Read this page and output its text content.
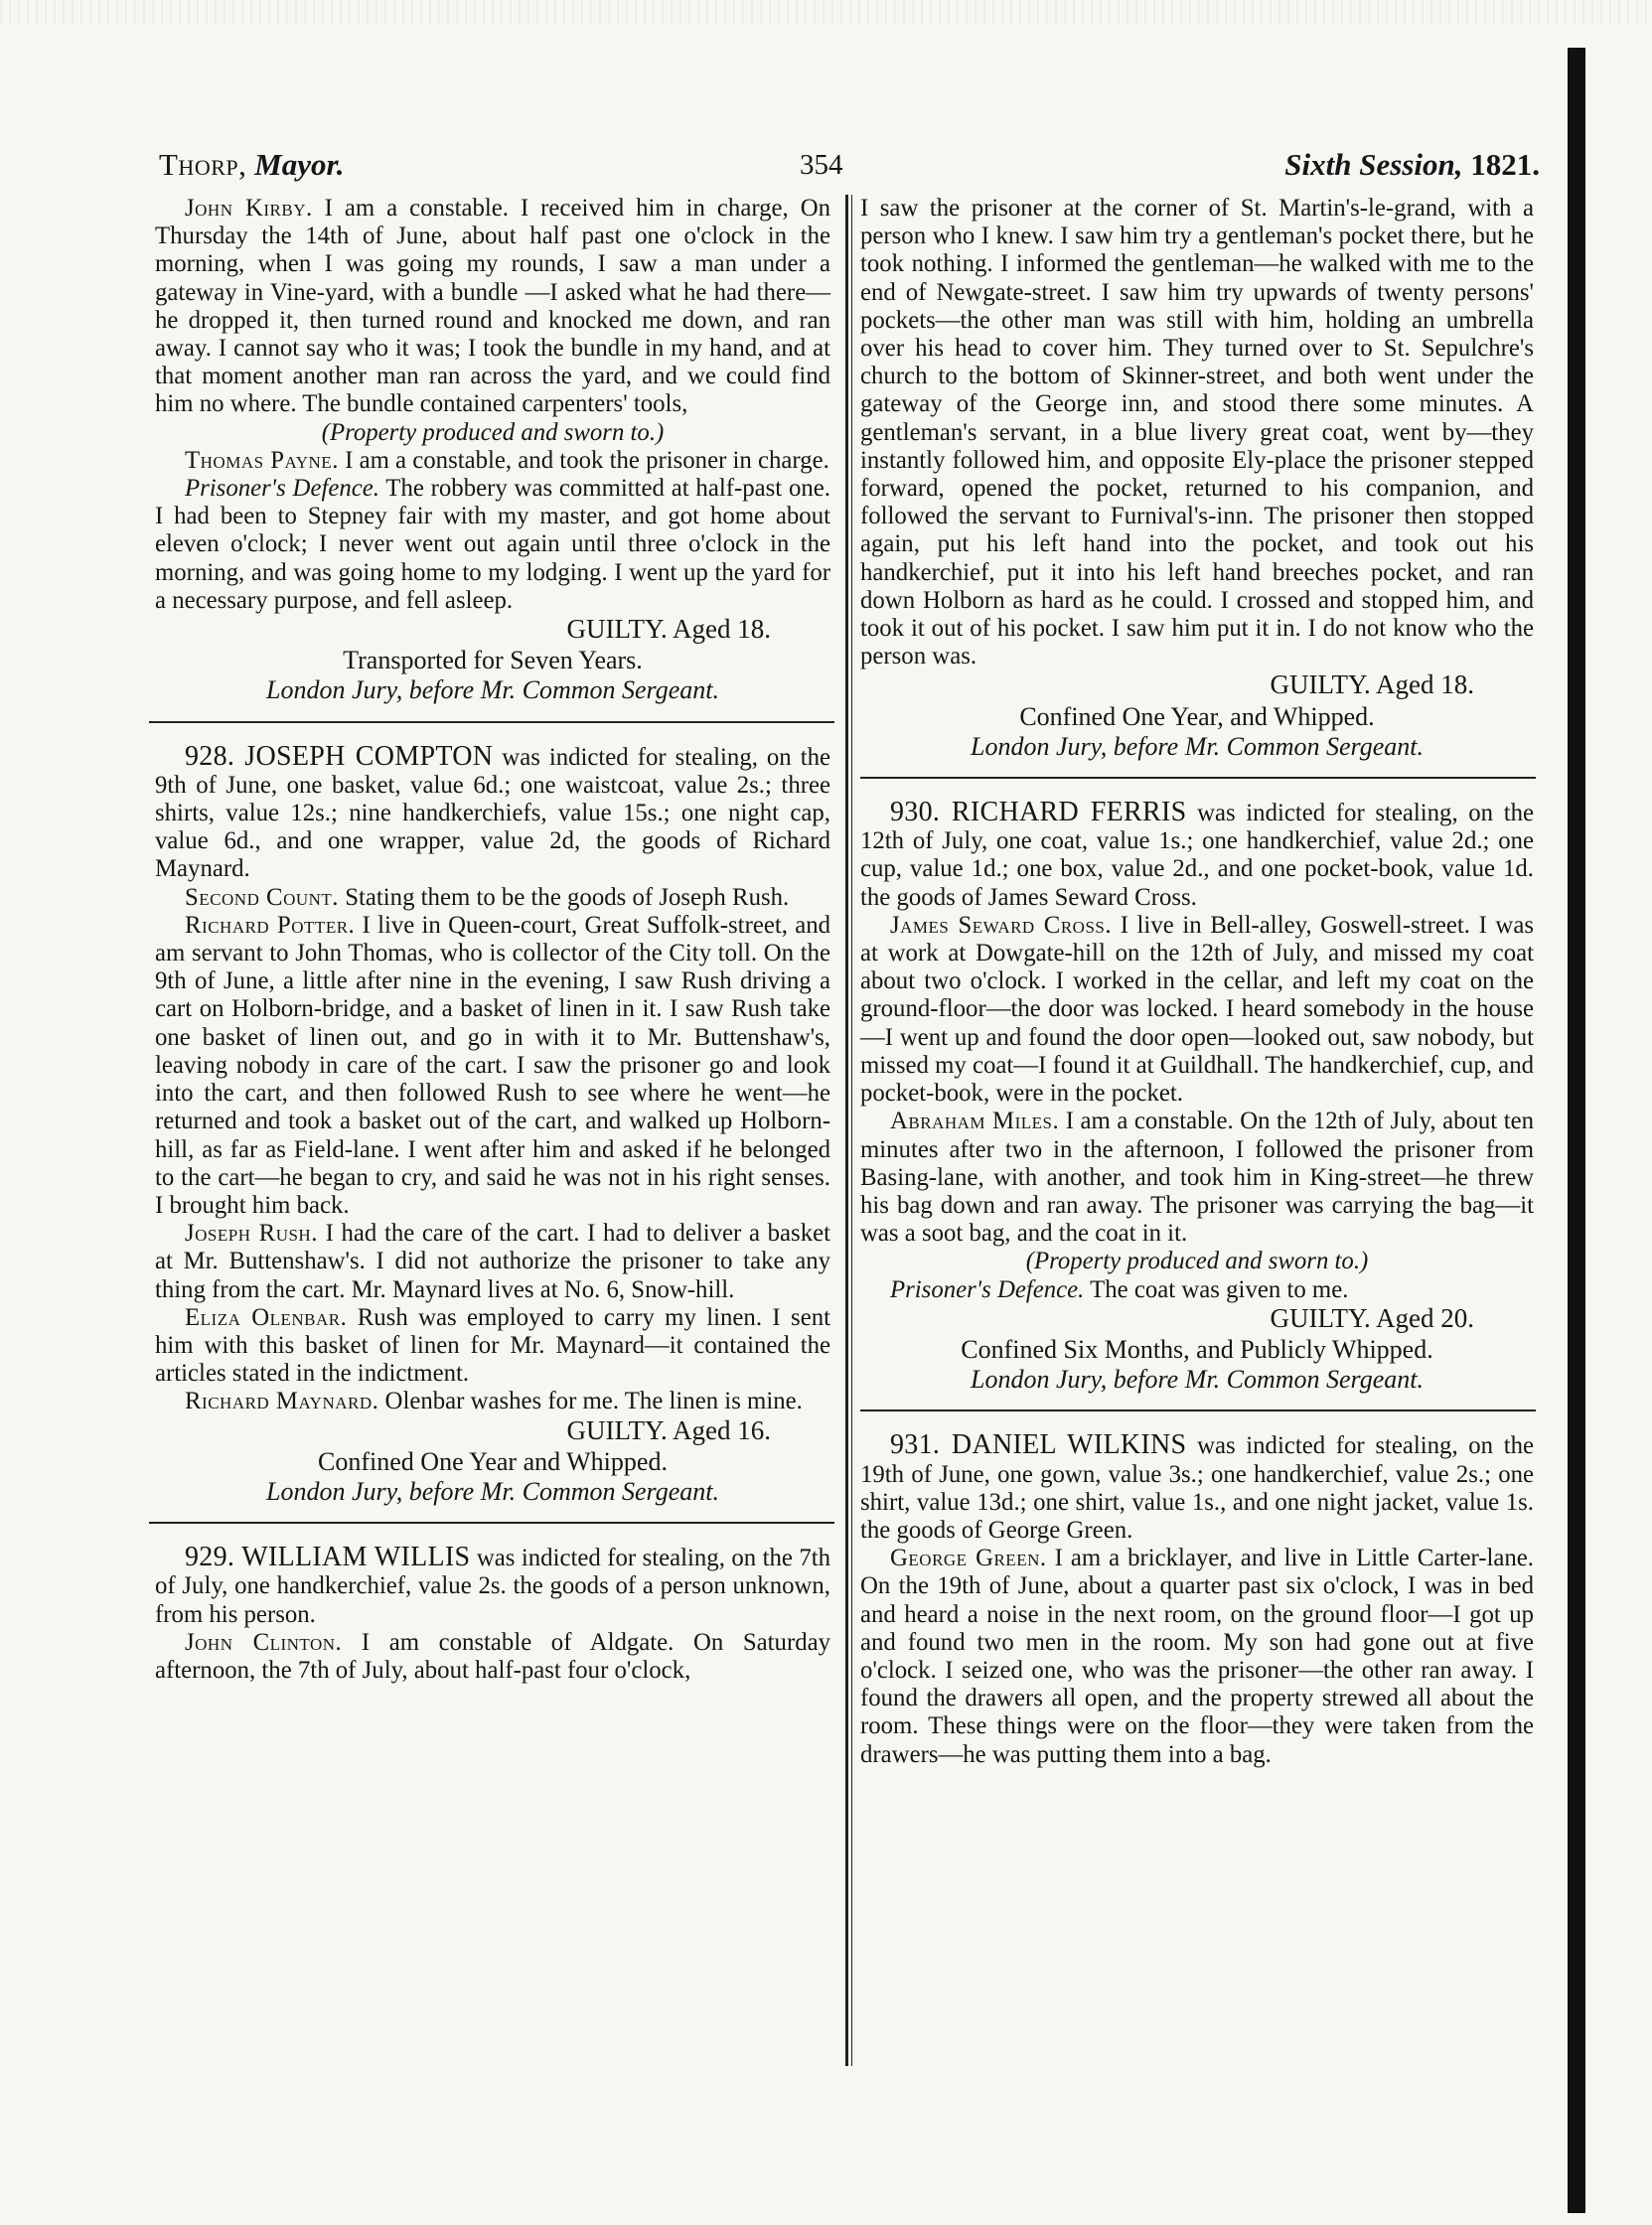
Thorp, Mayor.	354	Sixth Session, 1821.

John Kirby. I am a constable. I received him in charge, On Thursday the 14th of June, about half past one o'clock in the morning, when I was going my rounds, I saw a man under a gateway in Vine-yard, with a bundle —I asked what he had there—he dropped it, then turned round and knocked me down, and ran away. I cannot say who it was; I took the bundle in my hand, and at that moment another man ran across the yard, and we could find him no where. The bundle contained carpenters' tools,

(Property produced and sworn to.)

Thomas Payne. I am a constable, and took the prisoner in charge.

Prisoner's Defence. The robbery was committed at half-past one. I had been to Stepney fair with my master, and got home about eleven o'clock; I never went out again until three o'clock in the morning, and was going home to my lodging. I went up the yard for a necessary purpose, and fell asleep.

GUILTY. Aged 18.

Transported for Seven Years.

London Jury, before Mr. Common Sergeant.

928. JOSEPH COMPTON was indicted for stealing, on the 9th of June, one basket, value 6d.; one waistcoat, value 2s.; three shirts, value 12s.; nine handkerchiefs, value 15s.; one night cap, value 6d., and one wrapper, value 2d, the goods of Richard Maynard.

Second Count. Stating them to be the goods of Joseph Rush.

Richard Potter. I live in Queen-court, Great Suffolk-street, and am servant to John Thomas, who is collector of the City toll. On the 9th of June, a little after nine in the evening, I saw Rush driving a cart on Holborn-bridge, and a basket of linen in it. I saw Rush take one basket of linen out, and go in with it to Mr. Buttenshaw's, leaving nobody in care of the cart. I saw the prisoner go and look into the cart, and then followed Rush to see where he went—he returned and took a basket out of the cart, and walked up Holborn-hill, as far as Field-lane. I went after him and asked if he belonged to the cart—he began to cry, and said he was not in his right senses. I brought him back.

Joseph Rush. I had the care of the cart. I had to deliver a basket at Mr. Buttenshaw's. I did not authorize the prisoner to take any thing from the cart. Mr. Maynard lives at No. 6, Snow-hill.

Eliza Olenbar. Rush was employed to carry my linen. I sent him with this basket of linen for Mr. Maynard—it contained the articles stated in the indictment.

Richard Maynard. Olenbar washes for me. The linen is mine.

GUILTY. Aged 16.

Confined One Year and Whipped.

London Jury, before Mr. Common Sergeant.

929. WILLIAM WILLIS was indicted for stealing, on the 7th of July, one handkerchief, value 2s. the goods of a person unknown, from his person.

John Clinton. I am constable of Aldgate. On Saturday afternoon, the 7th of July, about half-past four o'clock,

I saw the prisoner at the corner of St. Martin's-le-grand, with a person who I knew. I saw him try a gentleman's pocket there, but he took nothing. I informed the gentleman—he walked with me to the end of Newgate-street. I saw him try upwards of twenty persons' pockets—the other man was still with him, holding an umbrella over his head to cover him. They turned over to St. Sepulchre's church to the bottom of Skinner-street, and both went under the gateway of the George inn, and stood there some minutes. A gentleman's servant, in a blue livery great coat, went by—they instantly followed him, and opposite Ely-place the prisoner stepped forward, opened the pocket, returned to his companion, and followed the servant to Furnival's-inn. The prisoner then stopped again, put his left hand into the pocket, and took out his handkerchief, put it into his left hand breeches pocket, and ran down Holborn as hard as he could. I crossed and stopped him, and took it out of his pocket. I saw him put it in. I do not know who the person was.

GUILTY. Aged 18.

Confined One Year, and Whipped.

London Jury, before Mr. Common Sergeant.

930. RICHARD FERRIS was indicted for stealing, on the 12th of July, one coat, value 1s.; one handkerchief, value 2d.; one cup, value 1d.; one box, value 2d., and one pocket-book, value 1d. the goods of James Seward Cross.

James Seward Cross. I live in Bell-alley, Goswell-street. I was at work at Dowgate-hill on the 12th of July, and missed my coat about two o'clock. I worked in the cellar, and left my coat on the ground-floor—the door was locked. I heard somebody in the house—I went up and found the door open—looked out, saw nobody, but missed my coat—I found it at Guildhall. The handkerchief, cup, and pocket-book, were in the pocket.

Abraham Miles. I am a constable. On the 12th of July, about ten minutes after two in the afternoon, I followed the prisoner from Basing-lane, with another, and took him in King-street—he threw his bag down and ran away. The prisoner was carrying the bag—it was a soot bag, and the coat in it.

(Property produced and sworn to.)

Prisoner's Defence. The coat was given to me.

GUILTY. Aged 20.

Confined Six Months, and Publicly Whipped.

London Jury, before Mr. Common Sergeant.

931. DANIEL WILKINS was indicted for stealing, on the 19th of June, one gown, value 3s.; one handkerchief, value 2s.; one shirt, value 13d.; one shirt, value 1s., and one night jacket, value 1s. the goods of George Green.

George Green. I am a bricklayer, and live in Little Carter-lane. On the 19th of June, about a quarter past six o'clock, I was in bed and heard a noise in the next room, on the ground floor—I got up and found two men in the room. My son had gone out at five o'clock. I seized one, who was the prisoner—the other ran away. I found the drawers all open, and the property strewed all about the room. These things were on the floor—they were taken from the drawers—he was putting them into a bag.
